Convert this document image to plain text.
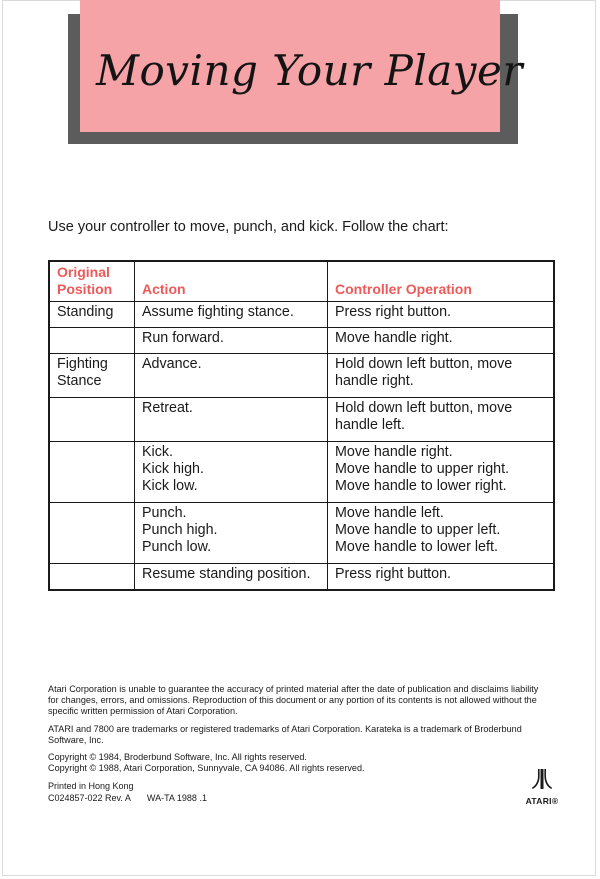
Moving Your Player

Use your controller to move, punch, and kick. Follow the chart:

Original
Position	Action	Controller Operation

Standing	Assume fighting stance.	Press right button.

	Run forward.	Move handle right.

Fighting
Stance	Advance.	Hold down left button, move
handle right.

	Retreat.	Hold down left button, move
handle left.

	Kick.
Kick high.
Kick low.	Move handle right.
Move handle to upper right.
Move handle to lower right.

	Punch.
Punch high.
Punch low.	Move handle left.
Move handle to upper left.
Move handle to lower left.

	Resume standing position.	Press right button.

Atari Corporation is unable to guarantee the accuracy of printed material after the date of publication and disclaims liability for changes, errors, and omissions. Reproduction of this document or any portion of its contents is not allowed without the specific written permission of Atari Corporation.

ATARI and 7800 are trademarks or registered trademarks of Atari Corporation. Karateka is a trademark of Broderbund Software, Inc.

Copyright © 1984, Broderbund Software, Inc. All rights reserved.

Copyright © 1988, Atari Corporation, Sunnyvale, CA 94086. All rights reserved.

Printed in Hong Kong
C024857-022 Rev. A WA-TA 1988 .1	ATARI®
